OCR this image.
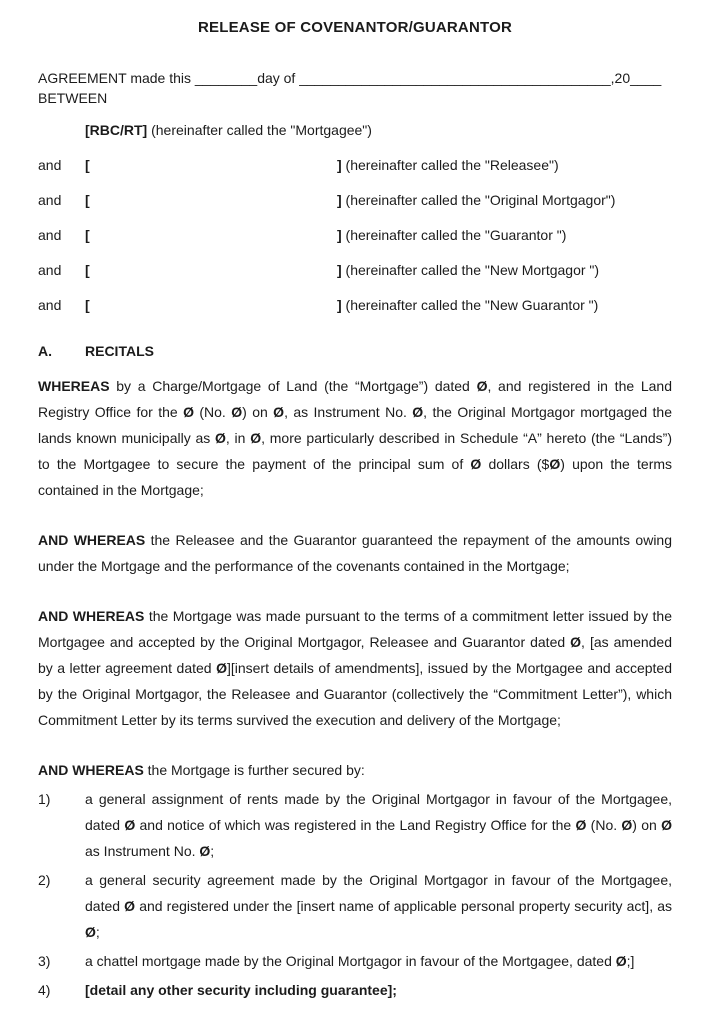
RELEASE OF COVENANTOR/GUARANTOR
AGREEMENT made this ________day of ________________________________________,20____
BETWEEN
[RBC/RT] (hereinafter called the "Mortgagee")
and [	] (hereinafter called the "Releasee")
and [	] (hereinafter called the "Original Mortgagor")
and [	] (hereinafter called the "Guarantor ")
and [	] (hereinafter called the "New Mortgagor ")
and [	] (hereinafter called the "New Guarantor ")
A. RECITALS
WHEREAS by a Charge/Mortgage of Land (the “Mortgage”) dated Ø, and registered in the Land Registry Office for the Ø (No. Ø) on Ø, as Instrument No. Ø, the Original Mortgagor mortgaged the lands known municipally as Ø, in Ø, more particularly described in Schedule “A” hereto (the “Lands”) to the Mortgagee to secure the payment of the principal sum of Ø dollars ($Ø) upon the terms contained in the Mortgage;
AND WHEREAS the Releasee and the Guarantor guaranteed the repayment of the amounts owing under the Mortgage and the performance of the covenants contained in the Mortgage;
AND WHEREAS the Mortgage was made pursuant to the terms of a commitment letter issued by the Mortgagee and accepted by the Original Mortgagor, Releasee and Guarantor dated Ø, [as amended by a letter agreement dated Ø][insert details of amendments], issued by the Mortgagee and accepted by the Original Mortgagor, the Releasee and Guarantor (collectively the “Commitment Letter”), which Commitment Letter by its terms survived the execution and delivery of the Mortgage;
AND WHEREAS the Mortgage is further secured by:
1) a general assignment of rents made by the Original Mortgagor in favour of the Mortgagee, dated Ø and notice of which was registered in the Land Registry Office for the Ø (No. Ø) on Ø as Instrument No. Ø;
2) a general security agreement made by the Original Mortgagor in favour of the Mortgagee, dated Ø and registered under the [insert name of applicable personal property security act], as Ø;
3) a chattel mortgage made by the Original Mortgagor in favour of the Mortgagee, dated Ø;]
4) [detail any other security including guarantee];
